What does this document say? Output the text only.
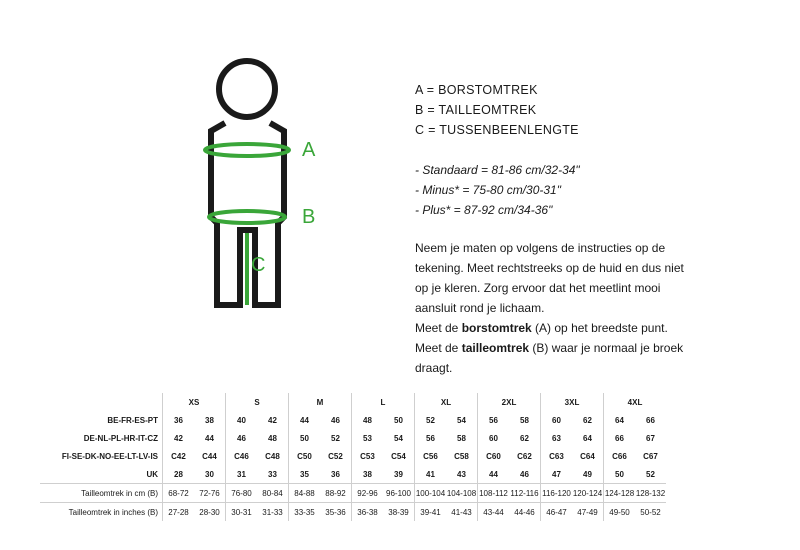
A
B
C
A = BORSTOMTREK
B = TAILLEOMTREK
C = TUSSENBEENLENGTE
- Standaard = 81-86 cm/32-34"
- Minus* = 75-80 cm/30-31"
- Plus* = 87-92 cm/34-36"

Neem je maten op volgens de instructies op de

tekening. Meet rechtstreeks op de huid en dus niet

op je kleren. Zorg ervoor dat het meetlint mooi

aansluit rond je lichaam.

Meet de borstomtrek (A) op het breedste punt.

Meet de tailleomtrek (B) waar je normaal je broek

draagt.

	XS		S		M		L		XL		2XL		3XL		4XL	
BE-FR-ES-PT	36	38	40	42	44	46	48	50	52	54	56	58	60	62	64	66
DE-NL-PL-HR-IT-CZ	42	44	46	48	50	52	53	54	56	58	60	62	63	64	66	67
FI-SE-DK-NO-EE-LT-LV-IS	C42	C44	C46	C48	C50	C52	C53	C54	C56	C58	C60	C62	C63	C64	C66	C67
UK	28	30	31	33	35	36	38	39	41	43	44	46	47	49	50	52
Taillеomtrek in cm (B)	68-72	72-76	76-80	80-84	84-88	88-92	92-96	96-100	100-104	104-108	108-112	112-116	116-120	120-124	124-128	128-132
Tailleomtrek in inches (B)	27-28	28-30	30-31	31-33	33-35	35-36	36-38	38-39	39-41	41-43	43-44	44-46	46-47	47-49	49-50	50-52
